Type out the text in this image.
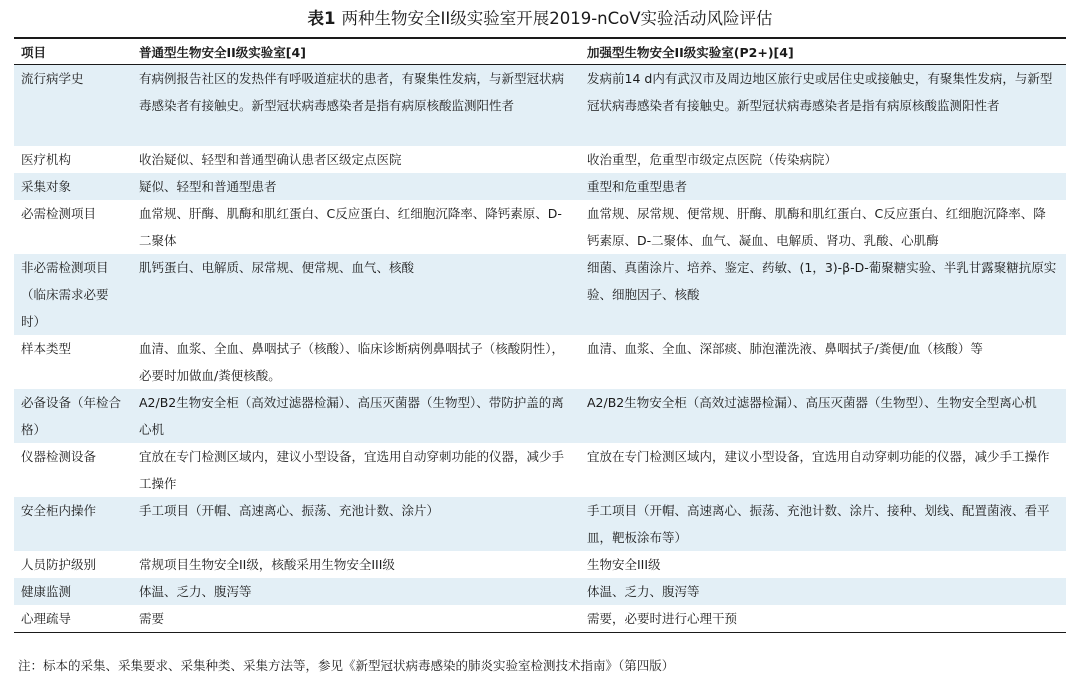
表1 两种生物安全II级实验室开展2019-nCoV实验活动风险评估
项目	普通型生物安全II级实验室[4]	加强型生物安全II级实验室(P2+)[4]

流行病学史	有病例报告社区的发热伴有呼吸道症状的患者，有聚集性发病，与新型冠状病毒感染者有接触史。新型冠状病毒感染者是指有病原核酸监测阳性者	发病前14 d内有武汉市及周边地区旅行史或居住史或接触史，有聚集性发病，与新型冠状病毒感染者有接触史。新型冠状病毒感染者是指有病原核酸监测阳性者

医疗机构	收治疑似、轻型和普通型确认患者区级定点医院	收治重型，危重型市级定点医院（传染病院）

采集对象	疑似、轻型和普通型患者	重型和危重型患者

必需检测项目	血常规、肝酶、肌酶和肌红蛋白、C反应蛋白、红细胞沉降率、降钙素原、D-二聚体	血常规、尿常规、便常规、肝酶、肌酶和肌红蛋白、C反应蛋白、红细胞沉降率、降钙素原、D-二聚体、血气、凝血、电解质、肾功、乳酸、心肌酶

非必需检测项目（临床需求必要时）	肌钙蛋白、电解质、尿常规、便常规、血气、核酸	细菌、真菌涂片、培养、鉴定、药敏、(1，3)-β-D-葡聚糖实验、半乳甘露聚糖抗原实验、细胞因子、核酸

样本类型	血清、血浆、全血、鼻咽拭子（核酸）、临床诊断病例鼻咽拭子（核酸阴性），必要时加做血/粪便核酸。	血清、血浆、全血、深部痰、肺泡灌洗液、鼻咽拭子/粪便/血（核酸）等

必备设备（年检合格）	A2/B2生物安全柜（高效过滤器检漏）、高压灭菌器（生物型）、带防护盖的离心机	A2/B2生物安全柜（高效过滤器检漏）、高压灭菌器（生物型）、生物安全型离心机

仪器检测设备	宜放在专门检测区域内，建议小型设备，宜选用自动穿刺功能的仪器，减少手工操作	宜放在专门检测区域内，建议小型设备，宜选用自动穿刺功能的仪器，减少手工操作

安全柜内操作	手工项目（开帽、高速离心、振荡、充池计数、涂片）	手工项目（开帽、高速离心、振荡、充池计数、涂片、接种、划线、配置菌液、看平皿，靶板涂布等）

人员防护级别	常规项目生物安全II级，核酸采用生物安全III级	生物安全III级

健康监测	体温、乏力、腹泻等	体温、乏力、腹泻等

心理疏导	需要	需要，必要时进行心理干预
注：标本的采集、采集要求、采集种类、采集方法等，参见《新型冠状病毒感染的肺炎实验室检测技术指南》（第四版）
